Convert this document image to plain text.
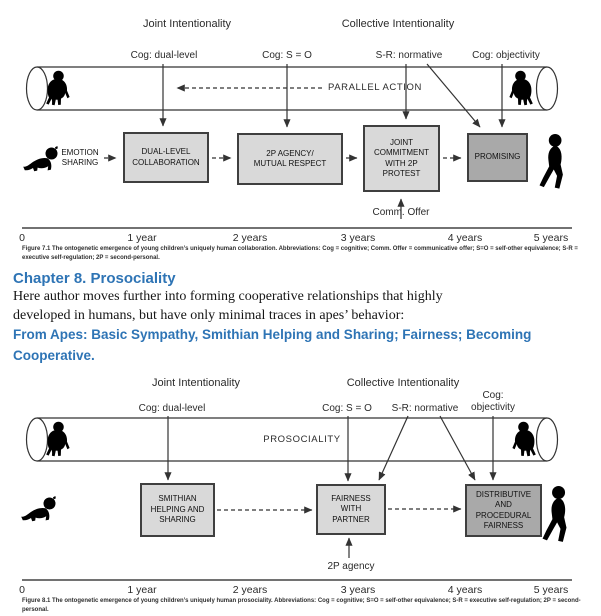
Joint Intentionality	Collective Intentionality
Cog: dual-level	Cog: S = O	S-R: normative	Cog: objectivity
PARALLEL ACTION
EMOTION
SHARING
DUAL-LEVEL
COLLABORATION
2P AGENCY/
MUTUAL RESPECT
JOINT
COMMITMENT
WITH 2P
PROTEST
PROMISING
Comm. Offer
0	1 year	2 years	3 years	4 years	5 years
Figure 7.1 The ontogenetic emergence of young children’s uniquely human collaboration. Abbreviations: Cog = cognitive; Comm. Offer = communicative offer; S=O = self-other equivalence; S-R = executive self-regulation; 2P = second-personal.
Chapter 8. Prosociality
Here author moves further into forming cooperative relationships that highly
developed in humans, but have only minimal traces in apes’ behavior:
From Apes: Basic Sympathy, Smithian Helping and Sharing; Fairness; Becoming
Cooperative.
Joint Intentionality	Collective Intentionality
Cog: dual-level	Cog: S = O	S-R: normative
Cog: objectivity
PROSOCIALITY
SMITHIAN
HELPING AND
SHARING
FAIRNESS
WITH
PARTNER
DISTRIBUTIVE
AND
PROCEDURAL
FAIRNESS
2P agency
0	1 year	2 years	3 years	4 years	5 years
Figure 8.1 The ontogenetic emergence of young children’s uniquely human prosociality. Abbreviations: Cog = cognitive; S=O = self-other equivalence; S-R = executive self-regulation; 2P = second-personal.
